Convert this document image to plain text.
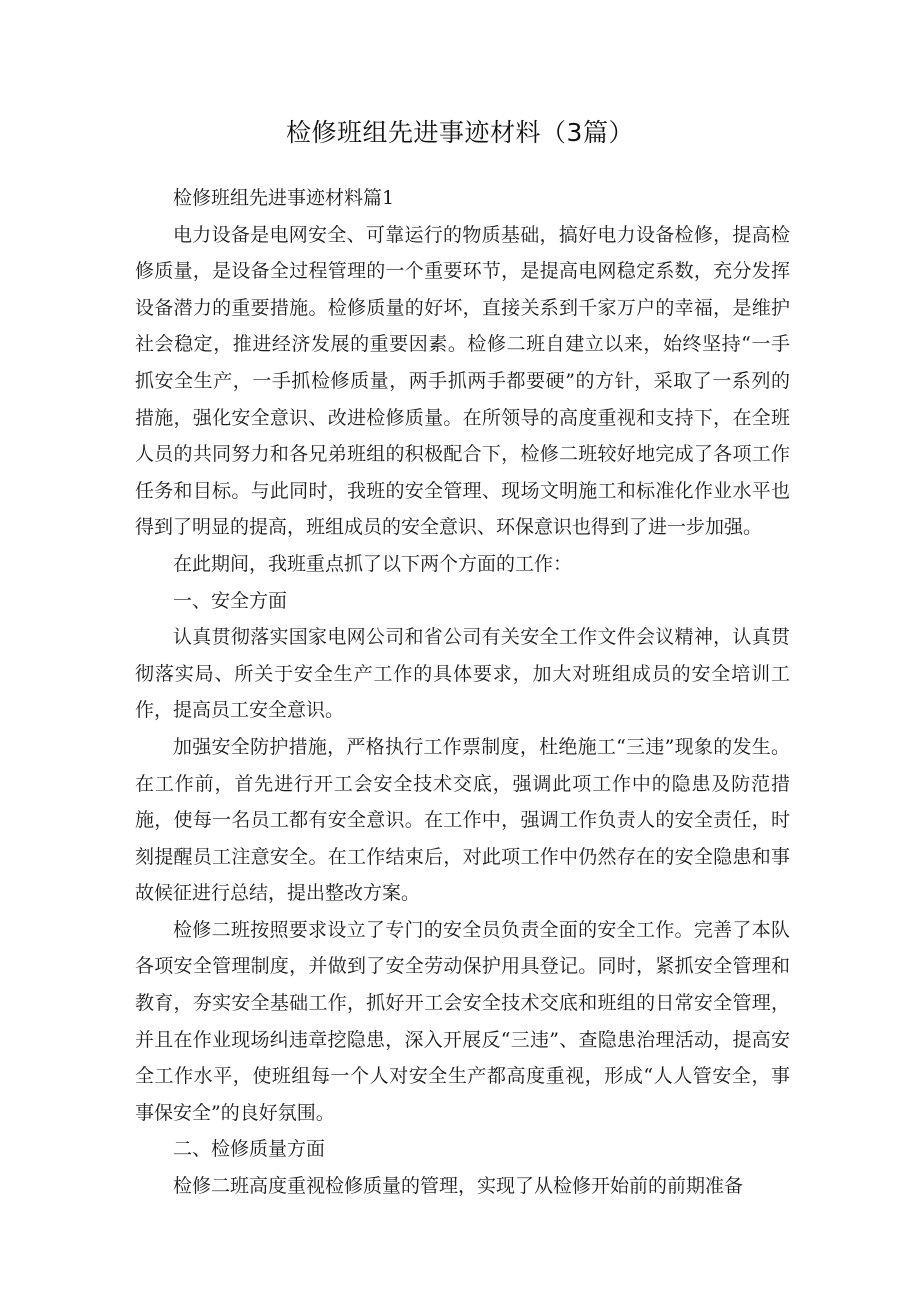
检修班组先进事迹材料（3篇）

检修班组先进事迹材料篇1

电力设备是电网安全、可靠运行的物质基础，搞好电力设备检修，提高检修质量，是设备全过程管理的一个重要环节，是提高电网稳定系数，充分发挥设备潜力的重要措施。检修质量的好坏，直接关系到千家万户的幸福，是维护社会稳定，推进经济发展的重要因素。检修二班自建立以来，始终坚持“一手抓安全生产，一手抓检修质量，两手抓两手都要硬”的方针，采取了一系列的措施，强化安全意识、改进检修质量。在所领导的高度重视和支持下，在全班人员的共同努力和各兄弟班组的积极配合下，检修二班较好地完成了各项工作任务和目标。与此同时，我班的安全管理、现场文明施工和标准化作业水平也得到了明显的提高，班组成员的安全意识、环保意识也得到了进一步加强。

在此期间，我班重点抓了以下两个方面的工作：

一、安全方面

认真贯彻落实国家电网公司和省公司有关安全工作文件会议精神，认真贯彻落实局、所关于安全生产工作的具体要求，加大对班组成员的安全培训工作，提高员工安全意识。

加强安全防护措施，严格执行工作票制度，杜绝施工“三违”现象的发生。在工作前，首先进行开工会安全技术交底，强调此项工作中的隐患及防范措施，使每一名员工都有安全意识。在工作中，强调工作负责人的安全责任，时刻提醒员工注意安全。在工作结束后，对此项工作中仍然存在的安全隐患和事故候征进行总结，提出整改方案。

检修二班按照要求设立了专门的安全员负责全面的安全工作。完善了本队各项安全管理制度，并做到了安全劳动保护用具登记。同时，紧抓安全管理和教育，夯实安全基础工作，抓好开工会安全技术交底和班组的日常安全管理，并且在作业现场纠违章挖隐患，深入开展反“三违”、查隐患治理活动，提高安全工作水平，使班组每一个人对安全生产都高度重视，形成“人人管安全，事事保安全”的良好氛围。

二、检修质量方面

检修二班高度重视检修质量的管理，实现了从检修开始前的前期准备
